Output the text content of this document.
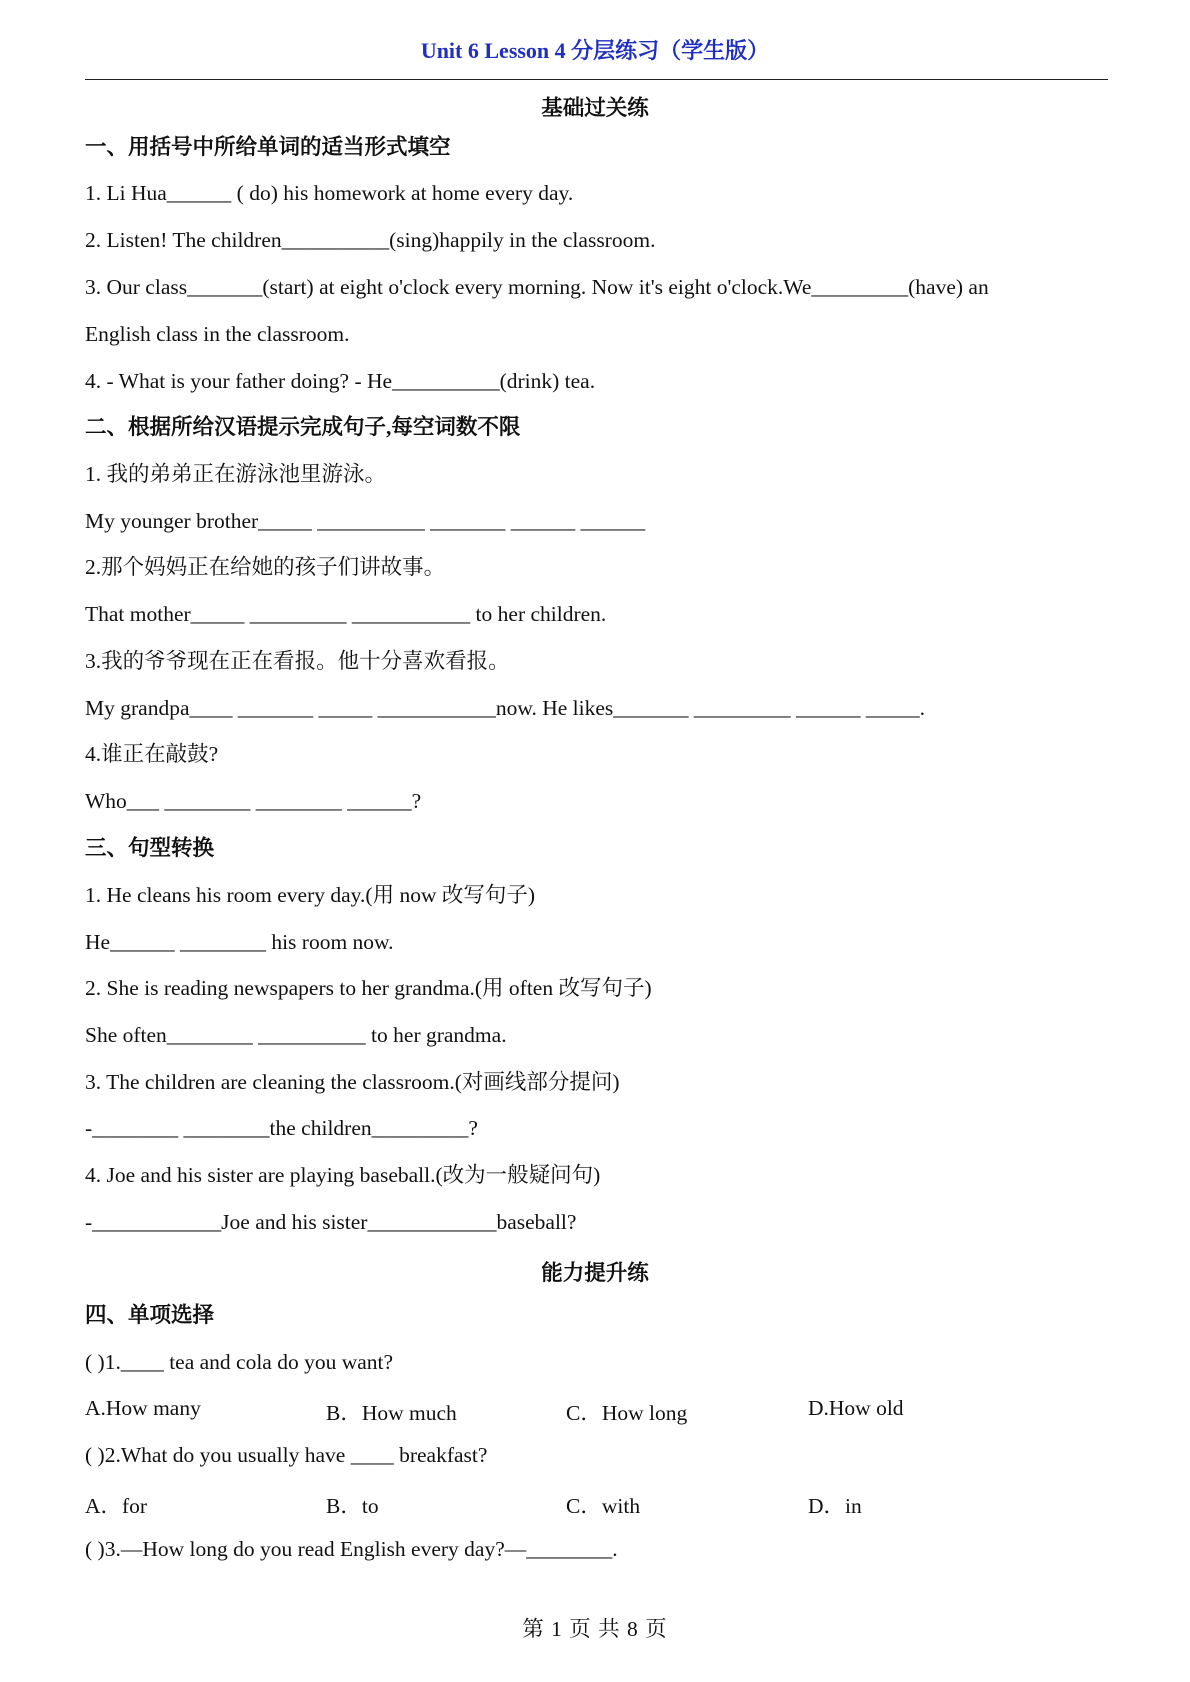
Unit 6 Lesson 4 分层练习（学生版）
基础过关练
一、用括号中所给单词的适当形式填空
1. Li Hua______ ( do) his homework at home every day.
2. Listen! The children__________(sing)happily in the classroom.
3. Our class_______(start) at eight o'clock every morning. Now it's eight o'clock.We_________(have) an
English class in the classroom.
4. - What is your father doing? - He__________(drink) tea.
二、根据所给汉语提示完成句子,每空词数不限
1. 我的弟弟正在游泳池里游泳。
My younger brother_____ __________ _______ ______ ______
2.那个妈妈正在给她的孩子们讲故事。
That mother_____ _________ ___________ to her children.
3.我的爷爷现在正在看报。他十分喜欢看报。
My grandpa____ _______ _____ ___________now. He likes_______ _________ ______ _____.
4.谁正在敲鼓?
Who___ ________ ________ ______?
三、句型转换
1. He cleans his room every day.(用 now 改写句子)
He______ ________ his room now.
2. She is reading newspapers to her grandma.(用 often 改写句子)
She often________ __________ to her grandma.
3. The children are cleaning the classroom.(对画线部分提问)
-________ ________the children_________?
4. Joe and his sister are playing baseball.(改为一般疑问句)
-____________Joe and his sister____________baseball?
能力提升练
四、单项选择
( )1.____ tea and cola do you want?
A.How many	B．How much	C．How long	D.How old
( )2.What do you usually have ____ breakfast?
A．for	B．to	C．with	D．in
( )3.—How long do you read English every day?—________.
第 1 页 共 8 页
